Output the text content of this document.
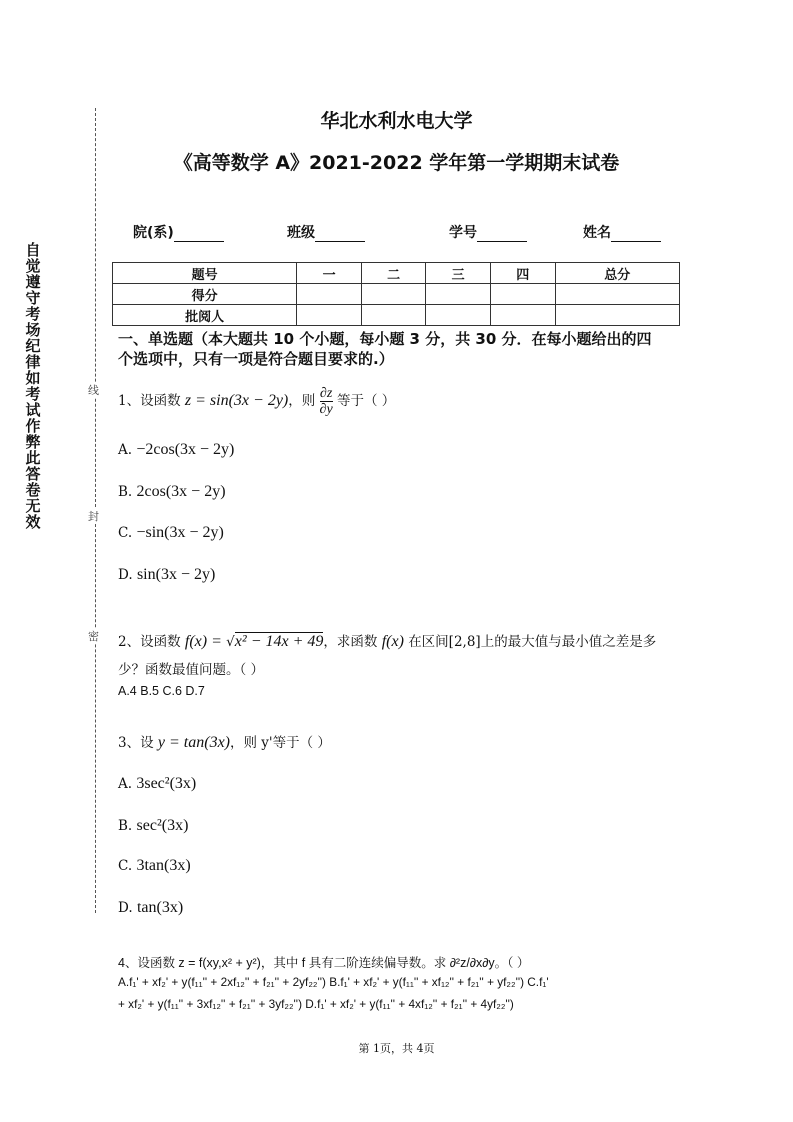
自觉遵守考场纪律如考试作弊此答卷无效
线
封
密
华北水利水电大学
《高等数学 A》2021-2022 学年第一学期期末试卷
院(系)	班级	学号	姓名
题号	一	二	三	四	总分
得分					
批阅人					
一、单选题（本大题共 10 个小题，每小题 3 分，共 30 分．在每小题给出的四
个选项中，只有一项是符合题目要求的.）
1、设函数 z = sin(3x − 2y)，则 $\frac{\partial z}{\partial y}$ 等于（ ）
A. −2cos(3x − 2y)
B. 2cos(3x − 2y)
C. −sin(3x − 2y)
D. sin(3x − 2y)
2、设函数 f(x) = √x² − 14x + 49，求函数 f(x) 在区间[2,8]上的最大值与最小值之差是多
少？函数最值问题。（ ）
A.4 B.5 C.6 D.7
3、设 y = tan(3x)，则 y'等于（ ）
A. 3sec²(3x)
B. sec²(3x)
C. 3tan(3x)
D. tan(3x)
4、设函数 z = f(xy,x² + y²)，其中 f 具有二阶连续偏导数。求 ∂²z/∂x∂y。（ ）
A.f₁' + xf₂' + y(f₁₁'' + 2xf₁₂'' + f₂₁'' + 2yf₂₂'') B.f₁' + xf₂' + y(f₁₁'' + xf₁₂'' + f₂₁'' + yf₂₂'') C.f₁'
+ xf₂' + y(f₁₁'' + 3xf₁₂'' + f₂₁'' + 3yf₂₂'') D.f₁' + xf₂' + y(f₁₁'' + 4xf₁₂'' + f₂₁'' + 4yf₂₂'')
第 1页，共 4页
